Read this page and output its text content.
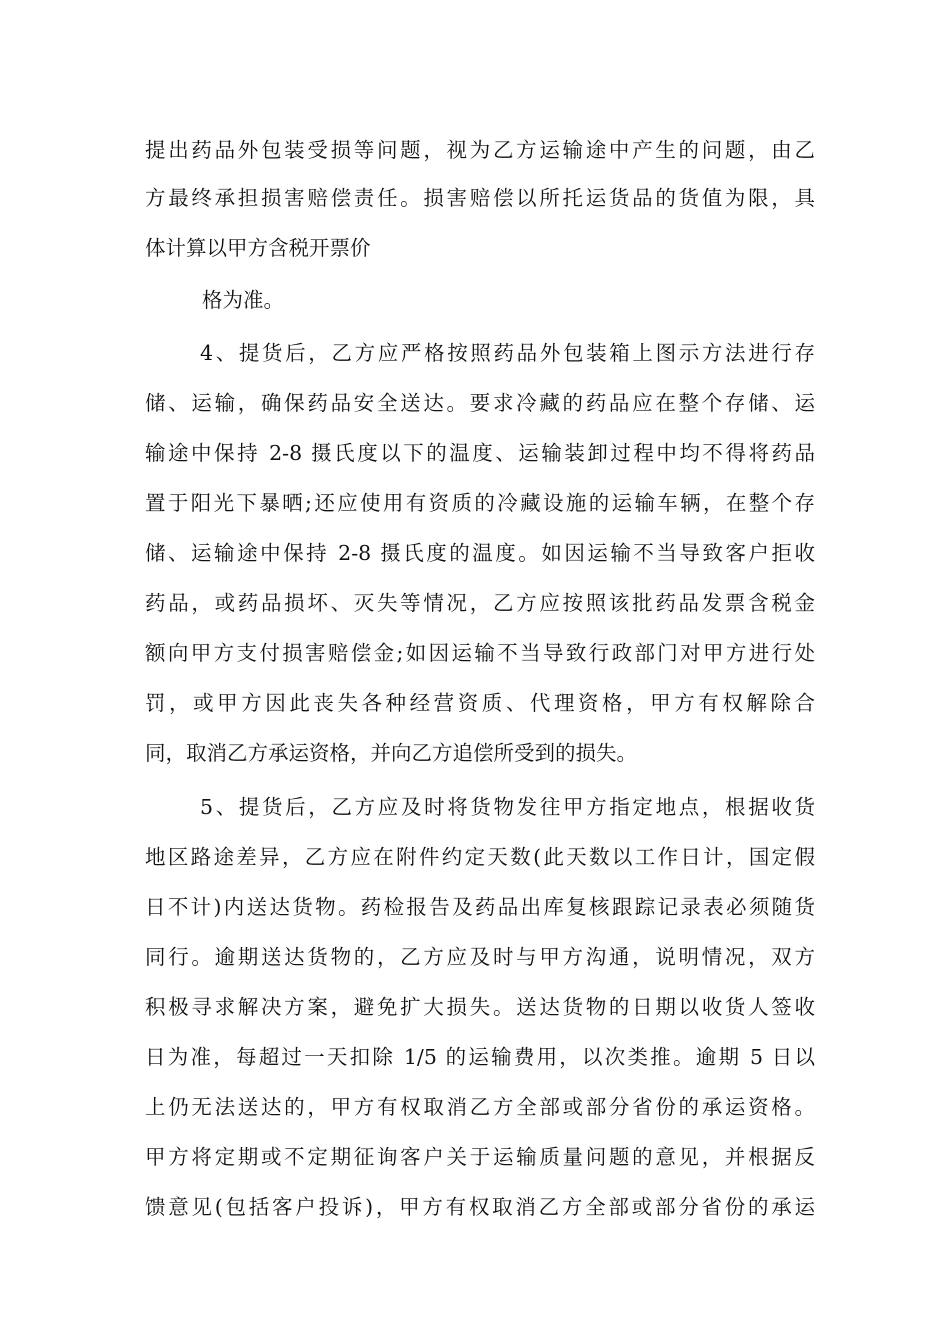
提出药品外包装受损等问题，视为乙方运输途中产生的问题，由乙
方最终承担损害赔偿责任。损害赔偿以所托运货品的货值为限，具
体计算以甲方含税开票价
格为准。
4、提货后，乙方应严格按照药品外包装箱上图示方法进行存
储、运输，确保药品安全送达。要求冷藏的药品应在整个存储、运
输途中保持 2-8 摄氏度以下的温度、运输装卸过程中均不得将药品
置于阳光下暴晒;还应使用有资质的冷藏设施的运输车辆，在整个存
储、运输途中保持 2-8 摄氏度的温度。如因运输不当导致客户拒收
药品，或药品损坏、灭失等情况，乙方应按照该批药品发票含税金
额向甲方支付损害赔偿金;如因运输不当导致行政部门对甲方进行处
罚，或甲方因此丧失各种经营资质、代理资格，甲方有权解除合
同，取消乙方承运资格，并向乙方追偿所受到的损失。
5、提货后，乙方应及时将货物发往甲方指定地点，根据收货
地区路途差异，乙方应在附件约定天数(此天数以工作日计，国定假
日不计)内送达货物。药检报告及药品出库复核跟踪记录表必须随货
同行。逾期送达货物的，乙方应及时与甲方沟通，说明情况，双方
积极寻求解决方案，避免扩大损失。送达货物的日期以收货人签收
日为准，每超过一天扣除 1/5 的运输费用，以次类推。逾期 5 日以
上仍无法送达的，甲方有权取消乙方全部或部分省份的承运资格。
甲方将定期或不定期征询客户关于运输质量问题的意见，并根据反
馈意见(包括客户投诉)，甲方有权取消乙方全部或部分省份的承运
